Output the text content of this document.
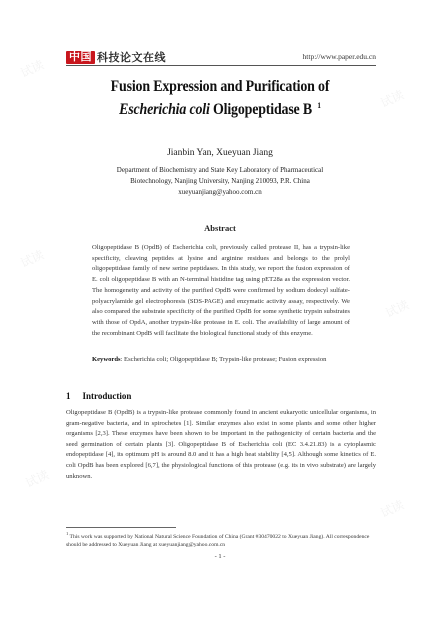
试读
试读
试读
试读
试读
试读
中国 科技论文在线	http://www.paper.edu.cn
Fusion Expression and Purification of
Escherichia coli Oligopeptidase B $^1$
Jianbin Yan, Xueyuan Jiang
Department of Biochemistry and State Key Laboratory of Pharmaceutical
Biotechnology, Nanjing University, Nanjing 210093, P.R. China
xueyuanjiang@yahoo.com.cn
Abstract

Oligopeptidase B (OpdB) of Escherichia coli, previously called protease II, has a trypsin-like specificity, cleaving peptides at lysine and arginine residues and belongs to the prolyl oligopeptidase family of new serine peptidases. In this study, we report the fusion expression of E. coli oligopeptidase B with an N-terminal histidine tag using pET28a as the expression vector. The homogeneity and activity of the purified OpdB were confirmed by sodium dodecyl sulfate-polyacrylamide gel electrophoresis (SDS-PAGE) and enzymatic activity assay, respectively. We also compared the substrate specificity of the purified OpdB for some synthetic trypsin substrates with those of OpdA, another trypsin-like protease in E. coli. The availability of large amount of the recombinant OpdB will facilitate the biological functional study of this enzyme.

Keywords: Escherichia coli; Oligopeptidase B; Trypsin-like protease; Fusion expression

1 Introduction

Oligopeptidase B (OpdB) is a trypsin-like protease commonly found in ancient eukaryotic unicellular organisms, in gram-negative bacteria, and in spirochetes [1]. Similar enzymes also exist in some plants and some other higher organisms [2,3]. These enzymes have been shown to be important in the pathogenicity of certain bacteria and the seed germination of certain plants [3]. Oligopeptidase B of Escherichia coli (EC 3.4.21.83) is a cytoplasmic endopeptidase [4], its optimum pH is around 8.0 and it has a high heat stability [4,5]. Although some kinetics of E. coli OpdB has been explored [6,7], the physiological functions of this protease (e.g. its in vivo substrate) are largely unknown.

$^1$ This work was supported by National Natural Science Foundation of China (Grant #30470022 to Xueyuan Jiang). All correspondence should be addressed to Xueyuan Jiang at xueyuanjiang@yahoo.com.cn

- 1 -
